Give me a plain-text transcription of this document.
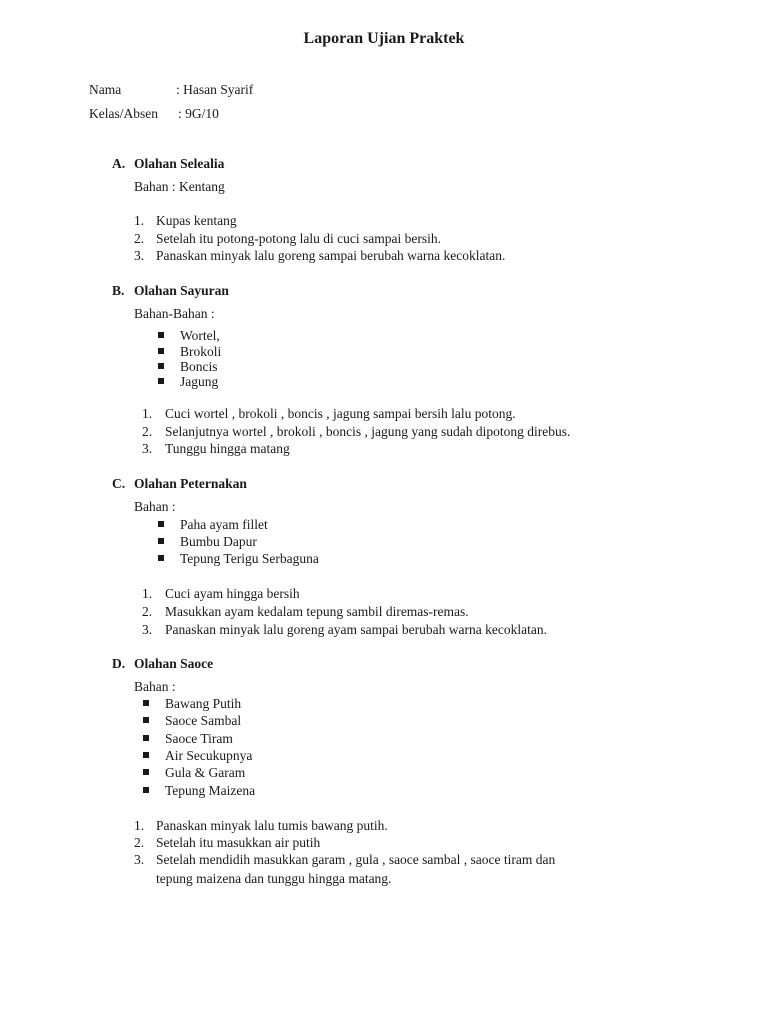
Laporan Ujian Praktek
Nama	: Hasan Syarif
Kelas/Absen : 9G/10
A. Olahan Selealia
Bahan : Kentang
1. Kupas kentang
2. Setelah itu potong-potong lalu di cuci sampai bersih.
3. Panaskan minyak lalu goreng sampai berubah warna kecoklatan.
B. Olahan Sayuran
Bahan-Bahan :
Wortel,
Brokoli
Boncis
Jagung
1. Cuci wortel , brokoli , boncis , jagung sampai bersih lalu potong.
2. Selanjutnya wortel , brokoli , boncis , jagung yang sudah dipotong direbus.
3. Tunggu hingga matang
C. Olahan Peternakan
Bahan :
Paha ayam fillet
Bumbu Dapur
Tepung Terigu Serbaguna
1. Cuci ayam hingga bersih
2. Masukkan ayam kedalam tepung sambil diremas-remas.
3. Panaskan minyak lalu goreng ayam sampai berubah warna kecoklatan.
D. Olahan Saoce
Bahan :
Bawang Putih
Saoce Sambal
Saoce Tiram
Air Secukupnya
Gula & Garam
Tepung Maizena
1. Panaskan minyak lalu tumis bawang putih.
2. Setelah itu masukkan air putih
3. Setelah mendidih masukkan garam , gula , saoce sambal , saoce tiram dan
tepung maizena dan tunggu hingga matang.
